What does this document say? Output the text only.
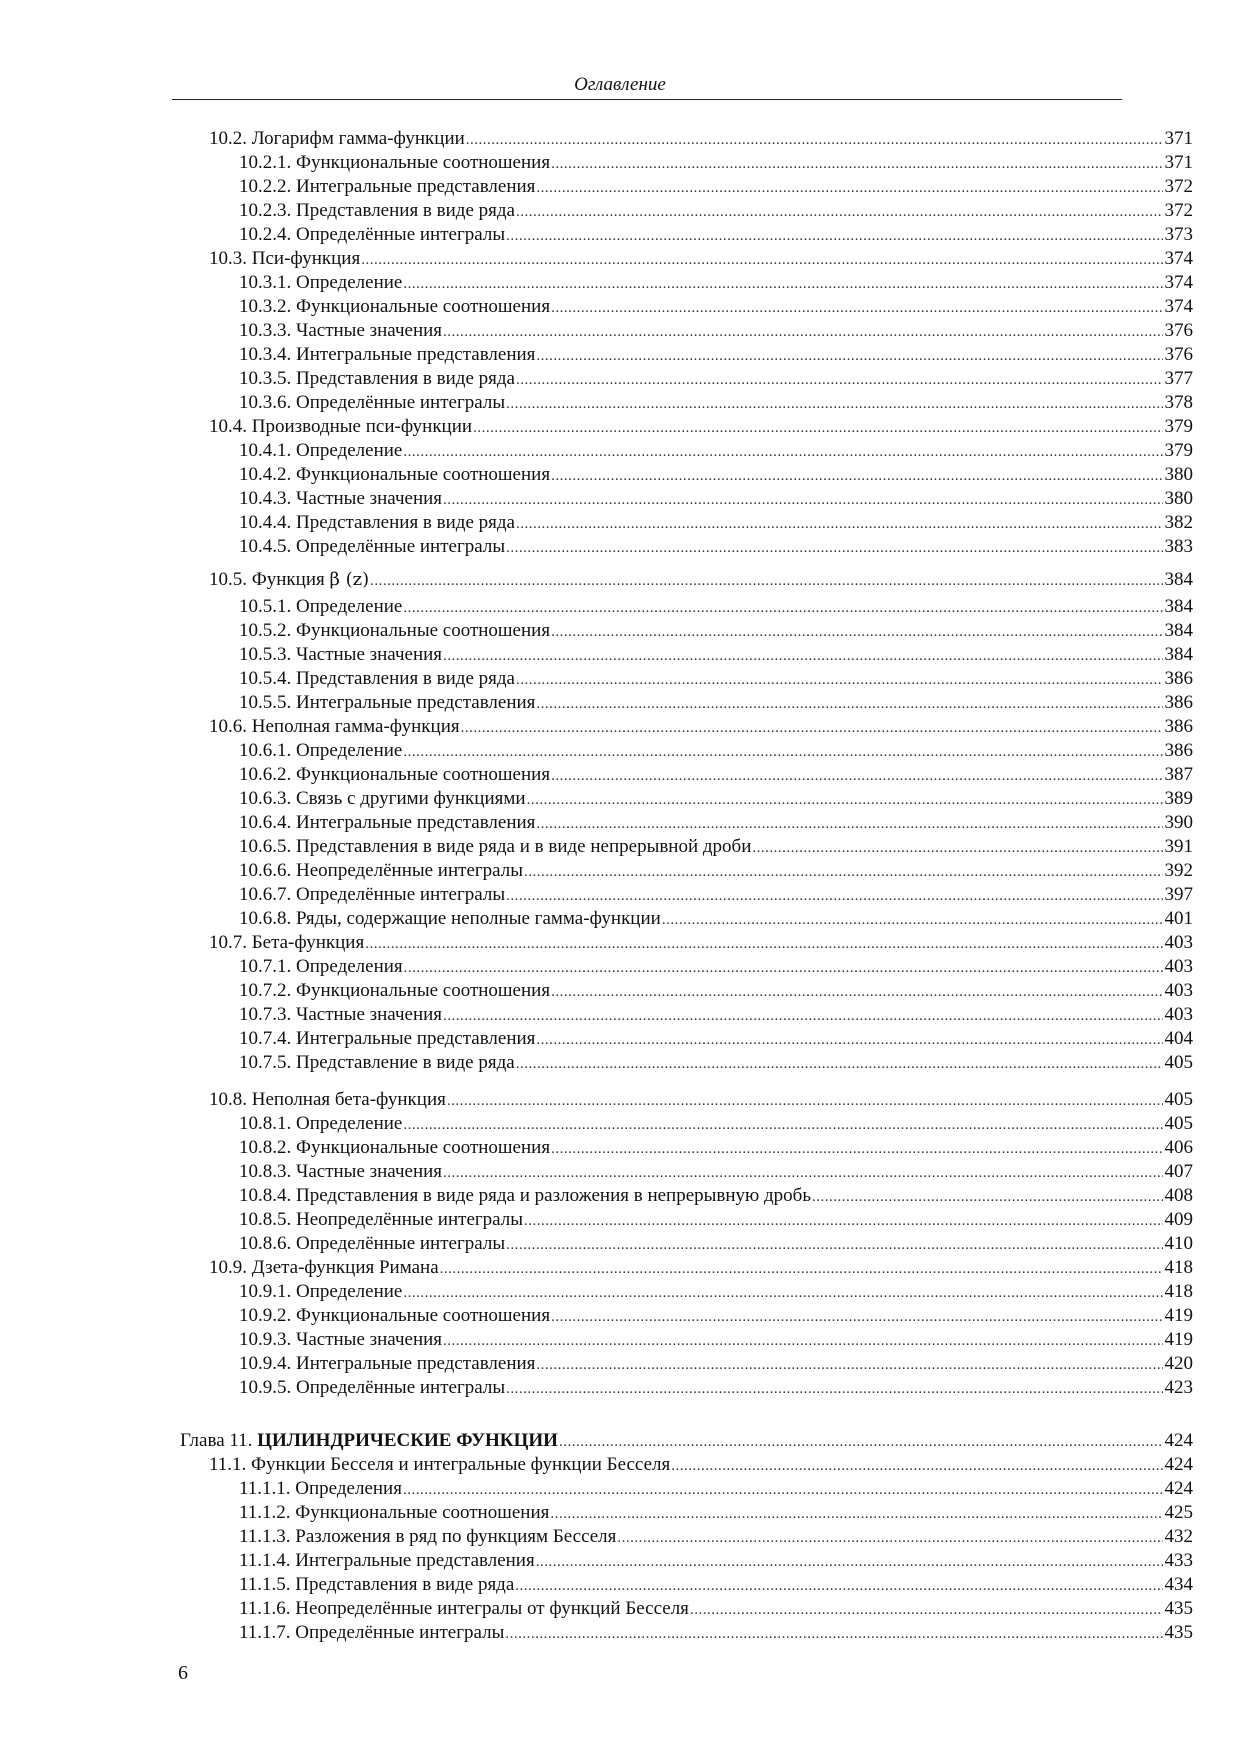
Оглавление
10.2. Логарифм гамма-функции .....	371
10.2.1. Функциональные соотношения .....	371
10.2.2. Интегральные представления .....	372
10.2.3. Представления в виде ряда .....	372
10.2.4. Определённые интегралы .....	373
10.3. Пси-функция .....	374
10.3.1. Определение .....	374
10.3.2. Функциональные соотношения .....	374
10.3.3. Частные значения .....	376
10.3.4. Интегральные представления .....	376
10.3.5. Представления в виде ряда .....	377
10.3.6. Определённые интегралы .....	378
10.4. Производные пси-функции .....	379
10.4.1. Определение .....	379
10.4.2. Функциональные соотношения .....	380
10.4.3. Частные значения .....	380
10.4.4. Представления в виде ряда .....	382
10.4.5. Определённые интегралы .....	383
10.5. Функция β (z) .....	384
10.5.1. Определение .....	384
10.5.2. Функциональные соотношения .....	384
10.5.3. Частные значения .....	384
10.5.4. Представления в виде ряда .....	386
10.5.5. Интегральные представления .....	386
10.6. Неполная гамма-функция .....	386
10.6.1. Определение .....	386
10.6.2. Функциональные соотношения .....	387
10.6.3. Связь с другими функциями .....	389
10.6.4. Интегральные представления .....	390
10.6.5. Представления в виде ряда и в виде непрерывной дроби .....	391
10.6.6. Неопределённые интегралы .....	392
10.6.7. Определённые интегралы .....	397
10.6.8. Ряды, содержащие неполные гамма-функции .....	401
10.7. Бета-функция .....	403
10.7.1. Определения .....	403
10.7.2. Функциональные соотношения .....	403
10.7.3. Частные значения .....	403
10.7.4. Интегральные представления .....	404
10.7.5. Представление в виде ряда .....	405
10.8. Неполная бета-функция .....	405
10.8.1. Определение .....	405
10.8.2. Функциональные соотношения .....	406
10.8.3. Частные значения .....	407
10.8.4. Представления в виде ряда и разложения в непрерывную дробь .....	408
10.8.5. Неопределённые интегралы .....	409
10.8.6. Определённые интегралы .....	410
10.9. Дзета-функция Римана .....	418
10.9.1. Определение .....	418
10.9.2. Функциональные соотношения .....	419
10.9.3. Частные значения .....	419
10.9.4. Интегральные представления .....	420
10.9.5. Определённые интегралы .....	423
Глава 11. ЦИЛИНДРИЧЕСКИЕ ФУНКЦИИ .....	424
11.1. Функции Бесселя и интегральные функции Бесселя .....	424
11.1.1. Определения .....	424
11.1.2. Функциональные соотношения .....	425
11.1.3. Разложения в ряд по функциям Бесселя .....	432
11.1.4. Интегральные представления .....	433
11.1.5. Представления в виде ряда .....	434
11.1.6. Неопределённые интегралы от функций Бесселя .....	435
11.1.7. Определённые интегралы .....	435
6
